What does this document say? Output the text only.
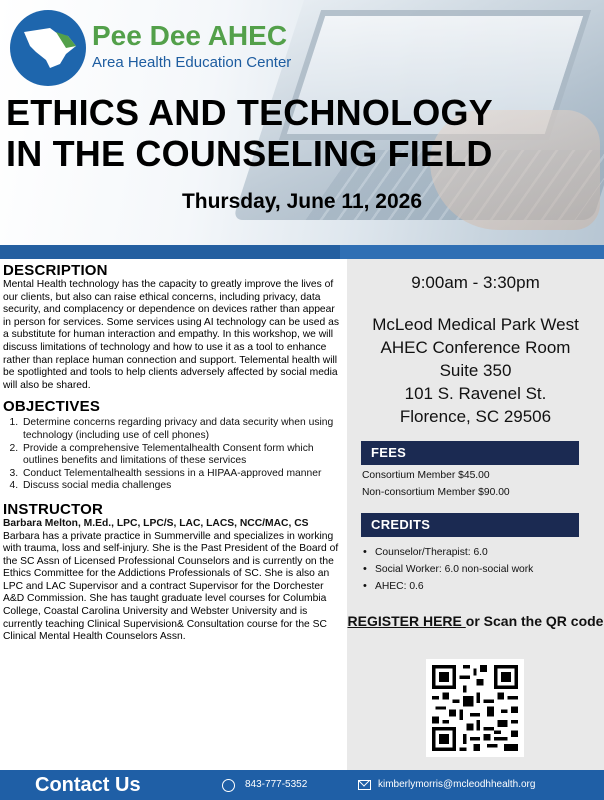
Pee Dee AHEC
Area Health Education Center
ETHICS AND TECHNOLOGY IN THE COUNSELING FIELD
Thursday, June 11, 2026
DESCRIPTION

Mental Health technology has the capacity to greatly improve the lives of our clients, but also can raise ethical concerns, including privacy, data security, and complacency or dependence on devices rather than appear in person for services. Some services using AI technology can be used as a substitute for human interaction and empathy. In this workshop, we will discuss limitations of technology and how to use it as a tool to enhance rather than replace human connection and support. Telemental health will be spotlighted and tools to help clients adversely affected by social media will also be shared.

OBJECTIVES
1. Determine concerns regarding privacy and data security when using technology (including use of cell phones)
2. Provide a comprehensive Telementalhealth Consent form which outlines benefits and limitations of these services
3. Conduct Telementalhealth sessions in a HIPAA-approved manner
4. Discuss social media challenges
INSTRUCTOR
Barbara Melton, M.Ed., LPC, LPC/S, LAC, LACS, NCC/MAC, CS

Barbara has a private practice in Summerville and specializes in working with trauma, loss and self-injury. She is the Past President of the Board of the SC Assn of Licensed Professional Counselors and is currently on the Ethics Committee for the Addictions Professionals of SC. She is also an LPC and LAC Supervisor and a contract Supervisor for the Dorchester A&D Commission. She has taught graduate level courses for Columbia College, Coastal Carolina University and Webster University and is currently teaching Clinical Supervision& Consultation course for the SC Clinical Mental Health Counselors Assn.

9:00am - 3:30pm
McLeod Medical Park West
AHEC Conference Room
Suite 350
101 S. Ravenel St.
Florence, SC 29506
FEES
Consortium Member $45.00
Non-consortium Member $90.00
CREDITS
• Counselor/Therapist: 6.0
• Social Worker: 6.0 non-social work
• AHEC: 0.6
REGISTER HERE or Scan the QR code
Contact Us	843-777-5352	kimberlymorris@mcleodhhealth.org
